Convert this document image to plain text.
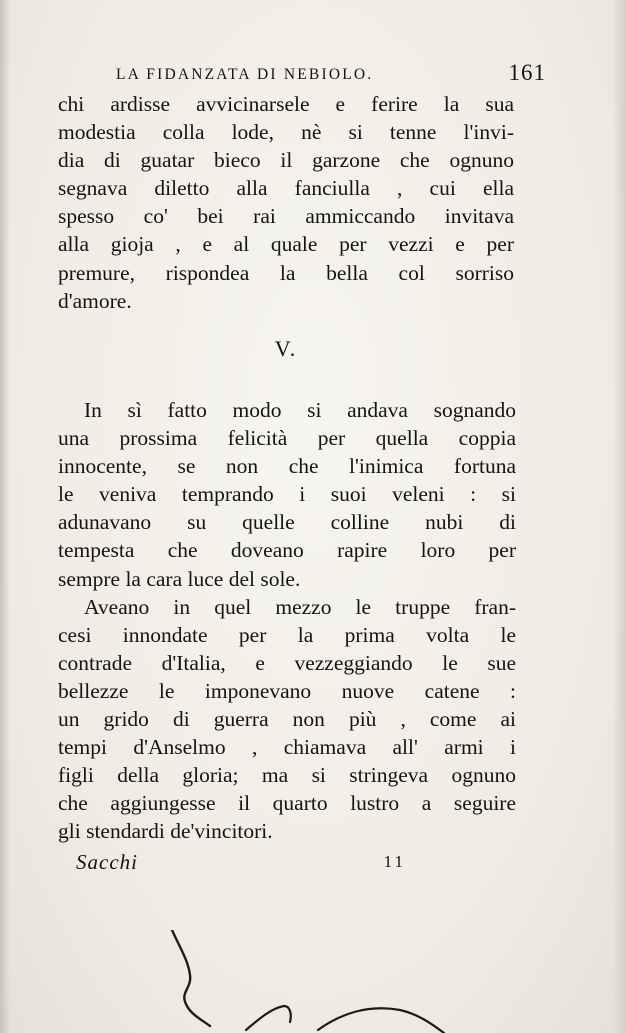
LA FIDANZATA DI NEBIOLO.	161
chi ardisse avvicinarsele e ferire la sua
modestia colla lode, nè si tenne l'invi-
dia di guatar bieco il garzone che ognuno
segnava diletto alla fanciulla , cui ella
spesso co' bei rai ammiccando invitava
alla gioja , e al quale per vezzi e per
premure, rispondea la bella col sorriso
d'amore.
V.
In sì fatto modo si andava sognando
una prossima felicità per quella coppia
innocente, se non che l'inimica fortuna
le veniva temprando i suoi veleni : si
adunavano su quelle colline nubi di
tempesta che doveano rapire loro per
sempre la cara luce del sole.
Aveano in quel mezzo le truppe fran-
cesi innondate per la prima volta le
contrade d'Italia, e vezzeggiando le sue
bellezze le imponevano nuove catene :
un grido di guerra non più , come ai
tempi d'Anselmo , chiamava all' armi i
figli della gloria; ma si stringeva ognuno
che aggiungesse il quarto lustro a seguire
gli stendardi de'vincitori.
Sacchi	11
